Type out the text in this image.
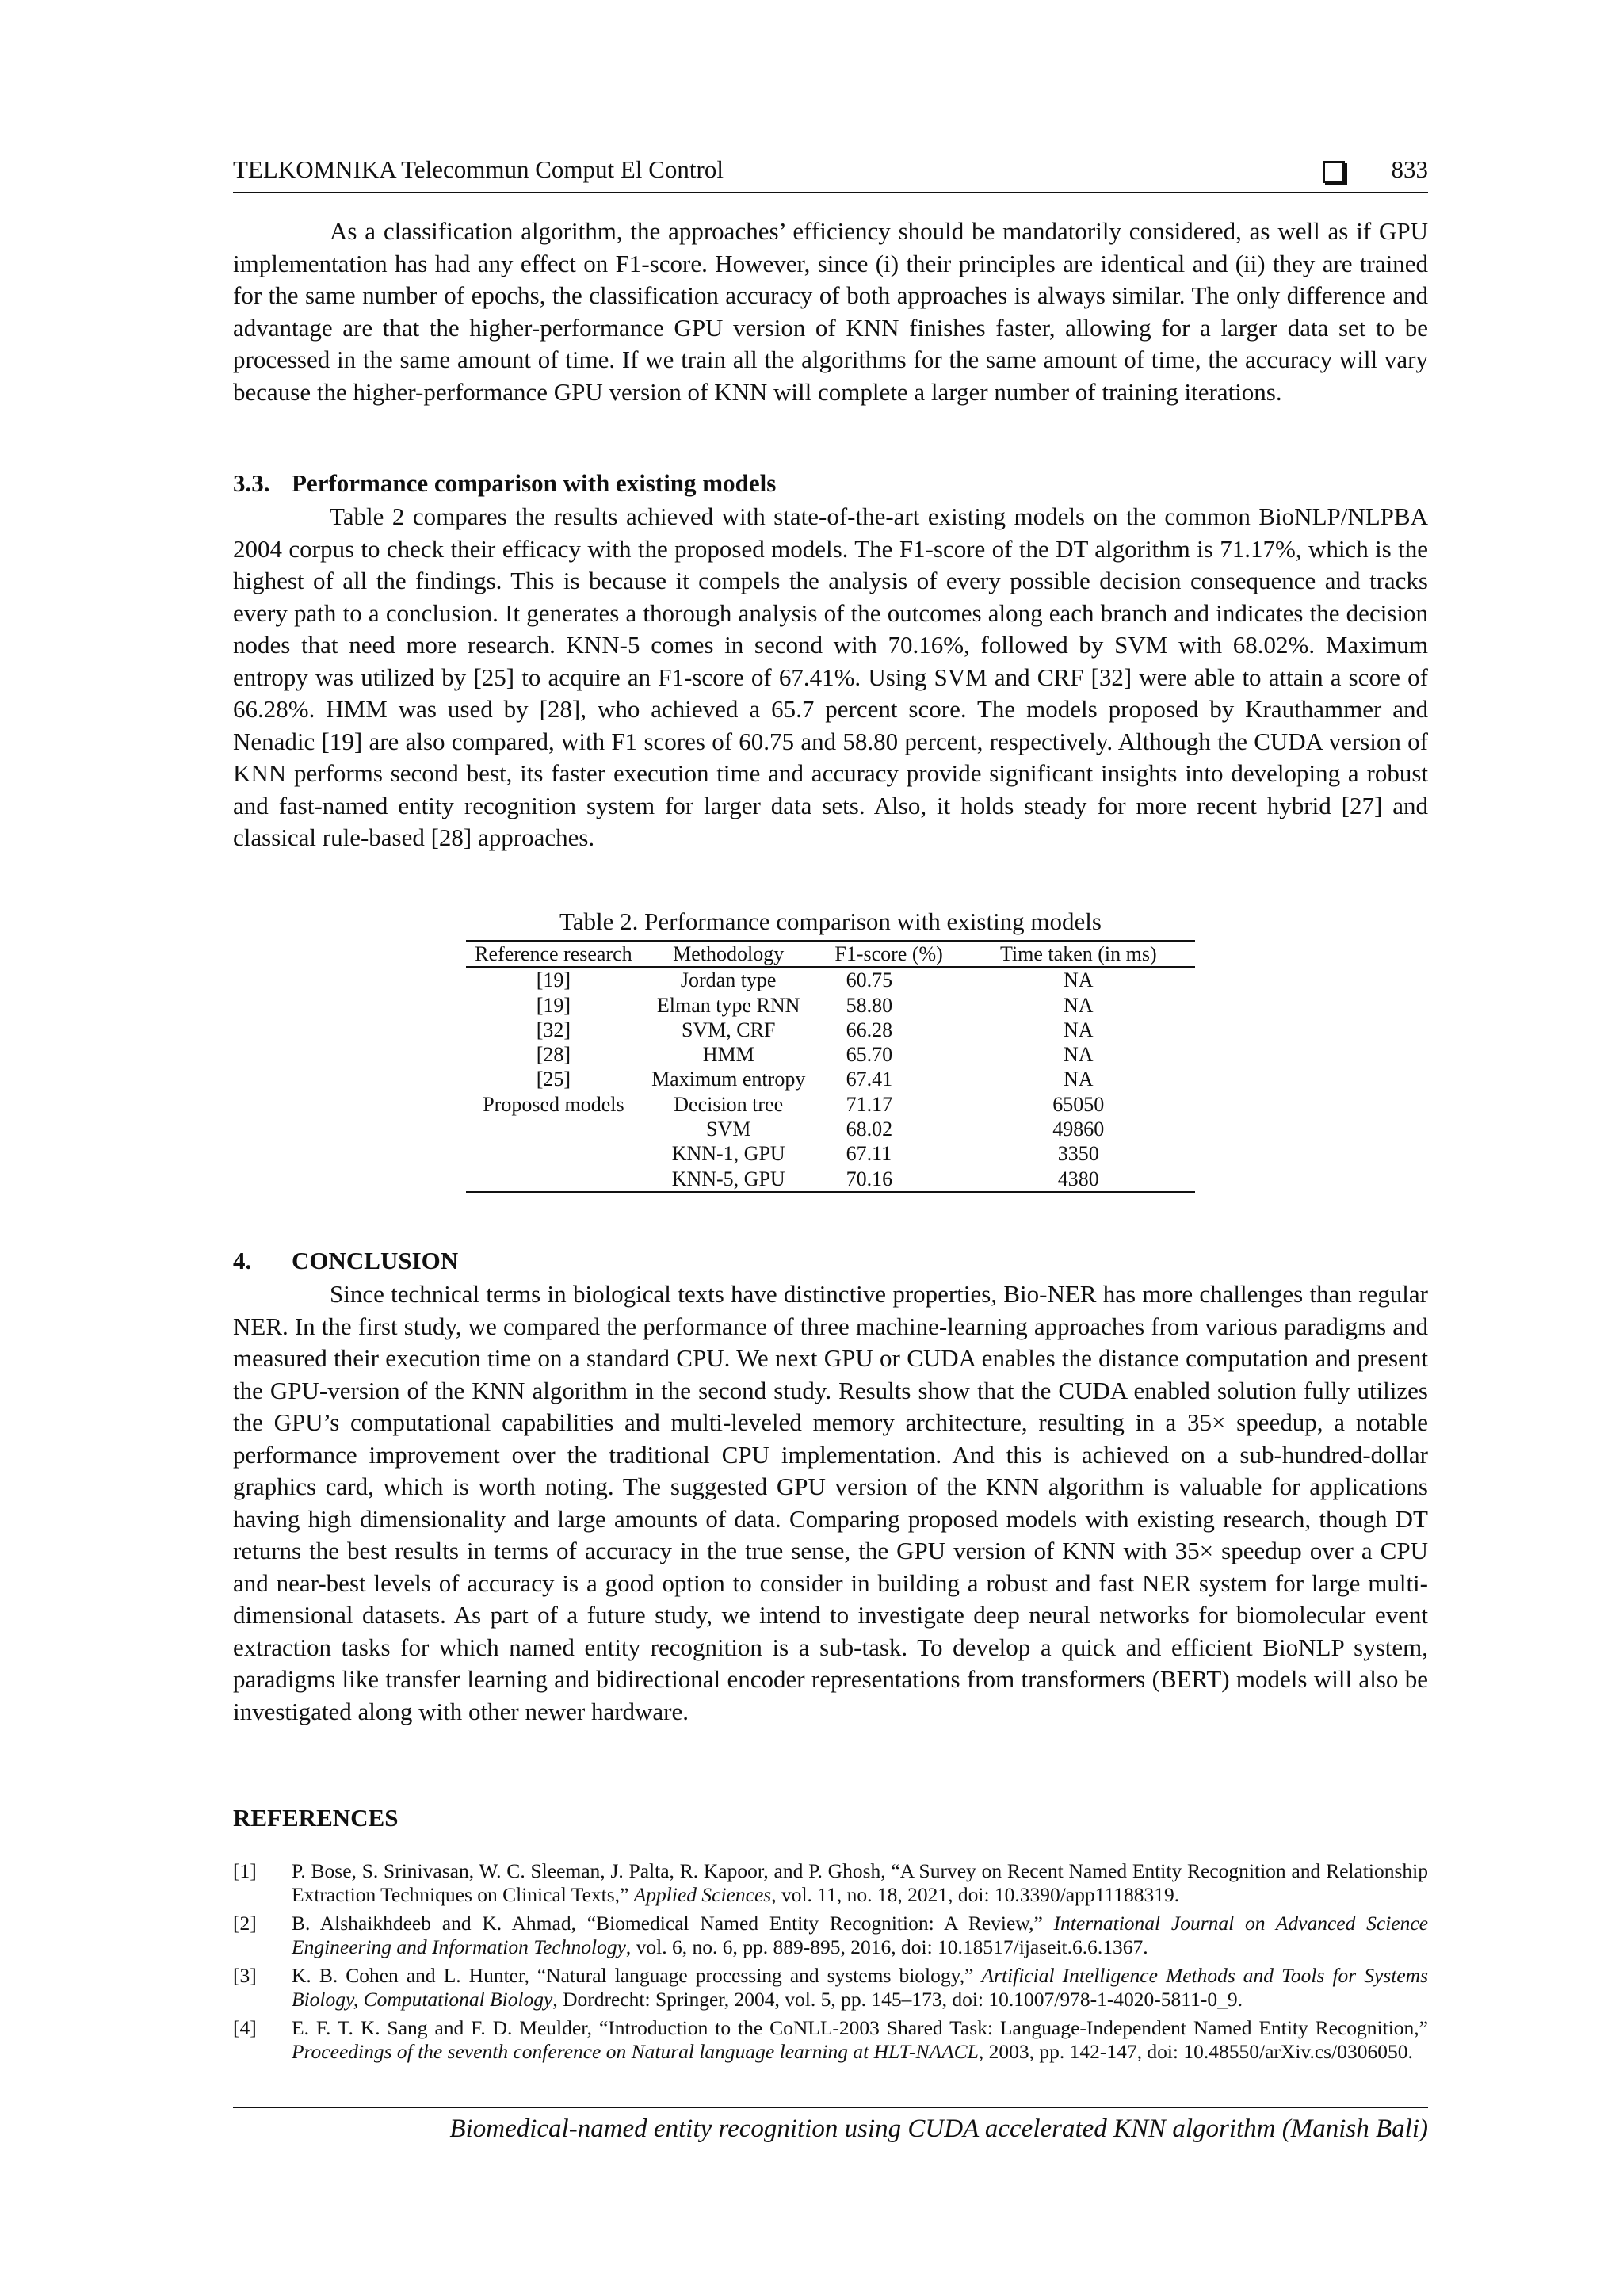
TELKOMNIKA Telecommun Comput El Control	833

As a classification algorithm, the approaches’ efficiency should be mandatorily considered, as well as if GPU implementation has had any effect on F1-score. However, since (i) their principles are identical and (ii) they are trained for the same number of epochs, the classification accuracy of both approaches is always similar. The only difference and advantage are that the higher-performance GPU version of KNN finishes faster, allowing for a larger data set to be processed in the same amount of time. If we train all the algorithms for the same amount of time, the accuracy will vary because the higher-performance GPU version of KNN will complete a larger number of training iterations.

3.3. Performance comparison with existing models

Table 2 compares the results achieved with state-of-the-art existing models on the common BioNLP/NLPBA 2004 corpus to check their efficacy with the proposed models. The F1-score of the DT algorithm is 71.17%, which is the highest of all the findings. This is because it compels the analysis of every possible decision consequence and tracks every path to a conclusion. It generates a thorough analysis of the outcomes along each branch and indicates the decision nodes that need more research. KNN-5 comes in second with 70.16%, followed by SVM with 68.02%. Maximum entropy was utilized by [25] to acquire an F1-score of 67.41%. Using SVM and CRF [32] were able to attain a score of 66.28%. HMM was used by [28], who achieved a 65.7 percent score. The models proposed by Krauthammer and Nenadic [19] are also compared, with F1 scores of 60.75 and 58.80 percent, respectively. Although the CUDA version of KNN performs second best, its faster execution time and accuracy provide significant insights into developing a robust and fast-named entity recognition system for larger data sets. Also, it holds steady for more recent hybrid [27] and classical rule-based [28] approaches.

Table 2. Performance comparison with existing models
Reference research	Methodology	F1-score (%)	Time taken (in ms)
[19]	Jordan type	60.75	NA
[19]	Elman type RNN	58.80	NA
[32]	SVM, CRF	66.28	NA
[28]	HMM	65.70	NA
[25]	Maximum entropy	67.41	NA
Proposed models	Decision tree	71.17	65050
	SVM	68.02	49860
	KNN-1, GPU	67.11	3350
	KNN-5, GPU	70.16	4380
4. CONCLUSION

Since technical terms in biological texts have distinctive properties, Bio-NER has more challenges than regular NER. In the first study, we compared the performance of three machine-learning approaches from various paradigms and measured their execution time on a standard CPU. We next GPU or CUDA enables the distance computation and present the GPU-version of the KNN algorithm in the second study. Results show that the CUDA enabled solution fully utilizes the GPU’s computational capabilities and multi-leveled memory architecture, resulting in a 35× speedup, a notable performance improvement over the traditional CPU implementation. And this is achieved on a sub-hundred-dollar graphics card, which is worth noting. The suggested GPU version of the KNN algorithm is valuable for applications having high dimensionality and large amounts of data. Comparing proposed models with existing research, though DT returns the best results in terms of accuracy in the true sense, the GPU version of KNN with 35× speedup over a CPU and near-best levels of accuracy is a good option to consider in building a robust and fast NER system for large multi-dimensional datasets. As part of a future study, we intend to investigate deep neural networks for biomolecular event extraction tasks for which named entity recognition is a sub-task. To develop a quick and efficient BioNLP system, paradigms like transfer learning and bidirectional encoder representations from transformers (BERT) models will also be investigated along with other newer hardware.

REFERENCES
[1] P. Bose, S. Srinivasan, W. C. Sleeman, J. Palta, R. Kapoor, and P. Ghosh, “A Survey on Recent Named Entity Recognition and Relationship Extraction Techniques on Clinical Texts,” Applied Sciences, vol. 11, no. 18, 2021, doi: 10.3390/app11188319.
[2] B. Alshaikhdeeb and K. Ahmad, “Biomedical Named Entity Recognition: A Review,” International Journal on Advanced Science Engineering and Information Technology, vol. 6, no. 6, pp. 889-895, 2016, doi: 10.18517/ijaseit.6.6.1367.
[3] K. B. Cohen and L. Hunter, “Natural language processing and systems biology,” Artificial Intelligence Methods and Tools for Systems Biology, Computational Biology, Dordrecht: Springer, 2004, vol. 5, pp. 145–173, doi: 10.1007/978-1-4020-5811-0_9.
[4] E. F. T. K. Sang and F. D. Meulder, “Introduction to the CoNLL-2003 Shared Task: Language-Independent Named Entity Recognition,” Proceedings of the seventh conference on Natural language learning at HLT-NAACL, 2003, pp. 142-147, doi: 10.48550/arXiv.cs/0306050.
Biomedical-named entity recognition using CUDA accelerated KNN algorithm (Manish Bali)
